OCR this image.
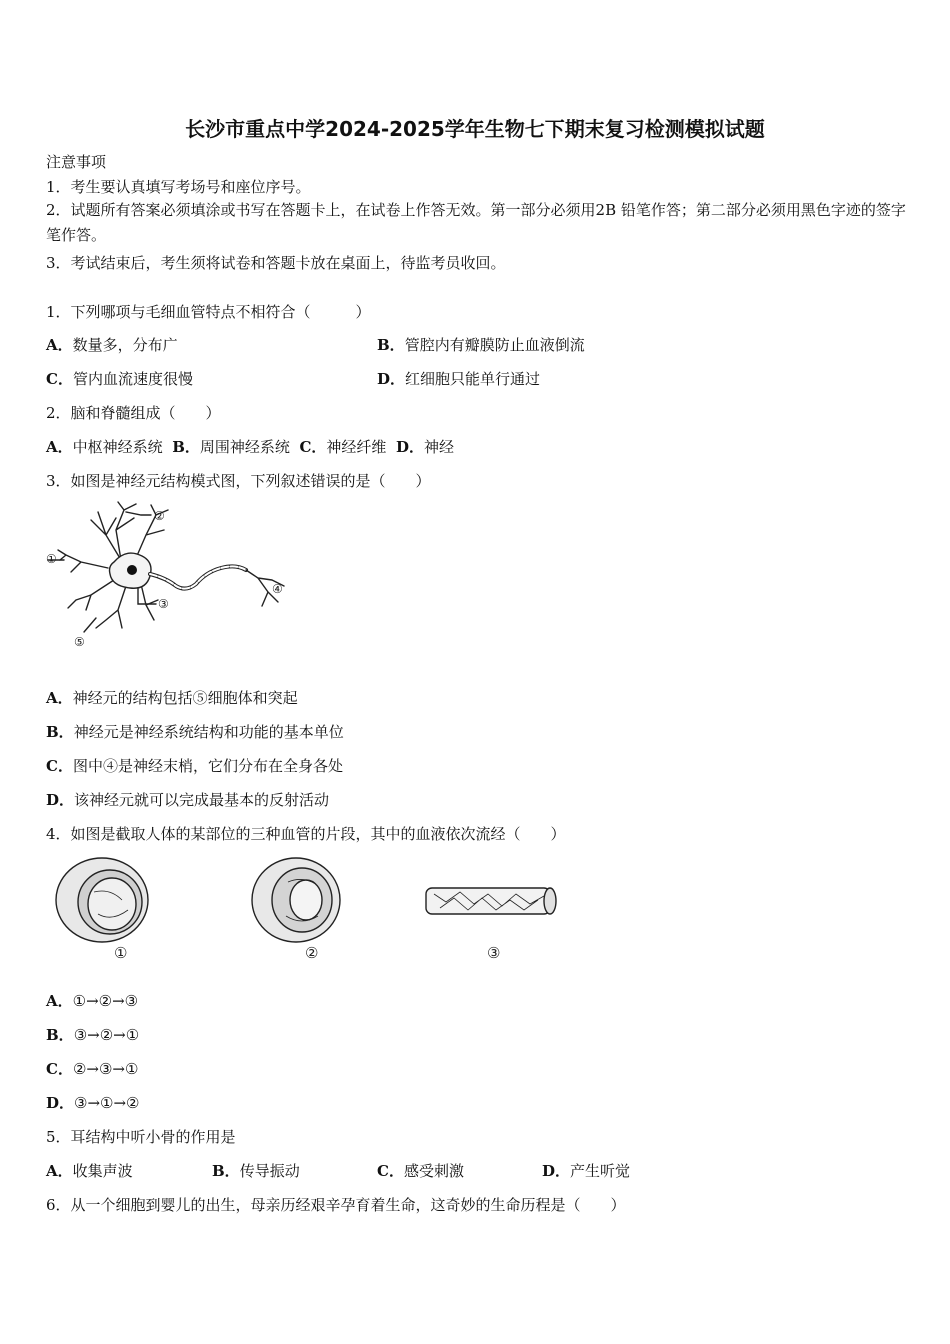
长沙市重点中学2024-2025学年生物七下期末复习检测模拟试题
注意事项
1．考生要认真填写考场号和座位序号。
2．试题所有答案必须填涂或书写在答题卡上，在试卷上作答无效。第一部分必须用2B 铅笔作答；第二部分必须用黑色字迹的签字笔作答。
3．考试结束后，考生须将试卷和答题卡放在桌面上，待监考员收回。
1．下列哪项与毛细血管特点不相符合（　　　）
A．数量多，分布广	B．管腔内有瓣膜防止血液倒流
C．管内血流速度很慢	D．红细胞只能单行通过
2．脑和脊髓组成（　　）
A．中枢神经系统 B．周围神经系统 C．神经纤维 D．神经
3．如图是神经元结构模式图，下列叙述错误的是（　　）
①
②
③
④
⑤
A．神经元的结构包括⑤细胞体和突起
B．神经元是神经系统结构和功能的基本单位
C．图中④是神经末梢，它们分布在全身各处
D．该神经元就可以完成最基本的反射活动
4．如图是截取人体的某部位的三种血管的片段，其中的血液依次流经（　　）
①	②	③
A．①→②→③
B．③→②→①
C．②→③→①
D．③→①→②
5．耳结构中听小骨的作用是
A．收集声波	B．传导振动	C．感受刺激	D．产生听觉
6．从一个细胞到婴儿的出生，母亲历经艰辛孕育着生命，这奇妙的生命历程是（　　）
